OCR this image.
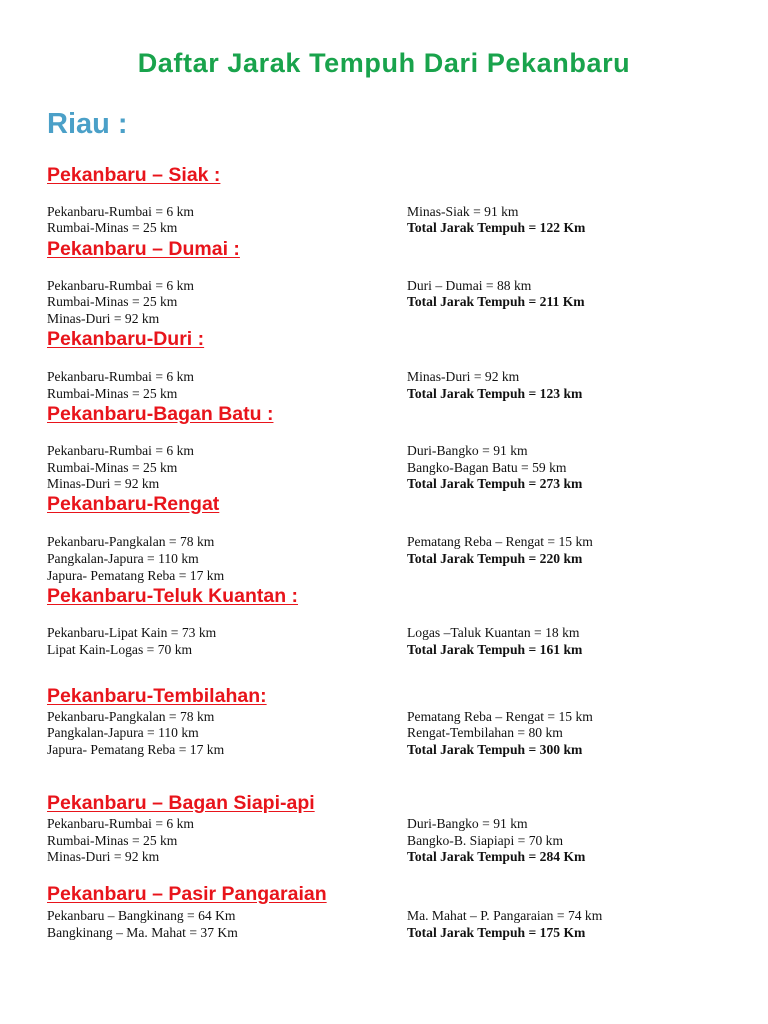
Daftar Jarak Tempuh Dari Pekanbaru
Riau :
Pekanbaru – Siak :
Pekanbaru-Rumbai = 6 km
Rumbai-Minas = 25 km
Minas-Siak = 91 km
Total Jarak Tempuh = 122 Km
Pekanbaru – Dumai :
Pekanbaru-Rumbai = 6 km
Rumbai-Minas = 25 km
Minas-Duri = 92 km
Duri – Dumai = 88 km
Total Jarak Tempuh = 211 Km
Pekanbaru-Duri :
Pekanbaru-Rumbai = 6 km
Rumbai-Minas = 25 km
Minas-Duri = 92 km
Total Jarak Tempuh = 123 km
Pekanbaru-Bagan Batu :
Pekanbaru-Rumbai = 6 km
Rumbai-Minas = 25 km
Minas-Duri = 92 km
Duri-Bangko = 91 km
Bangko-Bagan Batu = 59 km
Total Jarak Tempuh = 273 km
Pekanbaru-Rengat
Pekanbaru-Pangkalan = 78 km
Pangkalan-Japura = 110 km
Japura- Pematang Reba = 17 km
Pematang Reba – Rengat = 15 km
Total Jarak Tempuh = 220 km
Pekanbaru-Teluk Kuantan :
Pekanbaru-Lipat Kain = 73 km
Lipat Kain-Logas = 70 km
Logas –Taluk Kuantan = 18 km
Total Jarak Tempuh = 161 km
Pekanbaru-Tembilahan:
Pekanbaru-Pangkalan = 78 km
Pangkalan-Japura = 110 km
Japura- Pematang Reba = 17 km
Pematang Reba – Rengat = 15 km
Rengat-Tembilahan = 80 km
Total Jarak Tempuh = 300 km
Pekanbaru – Bagan Siapi-api
Pekanbaru-Rumbai = 6 km
Rumbai-Minas = 25 km
Minas-Duri = 92 km
Duri-Bangko = 91 km
Bangko-B. Siapiapi = 70 km
Total Jarak Tempuh = 284 Km
Pekanbaru – Pasir Pangaraian
Pekanbaru – Bangkinang = 64 Km
Bangkinang – Ma. Mahat = 37 Km
Ma. Mahat – P. Pangaraian = 74 km
Total Jarak Tempuh = 175 Km
